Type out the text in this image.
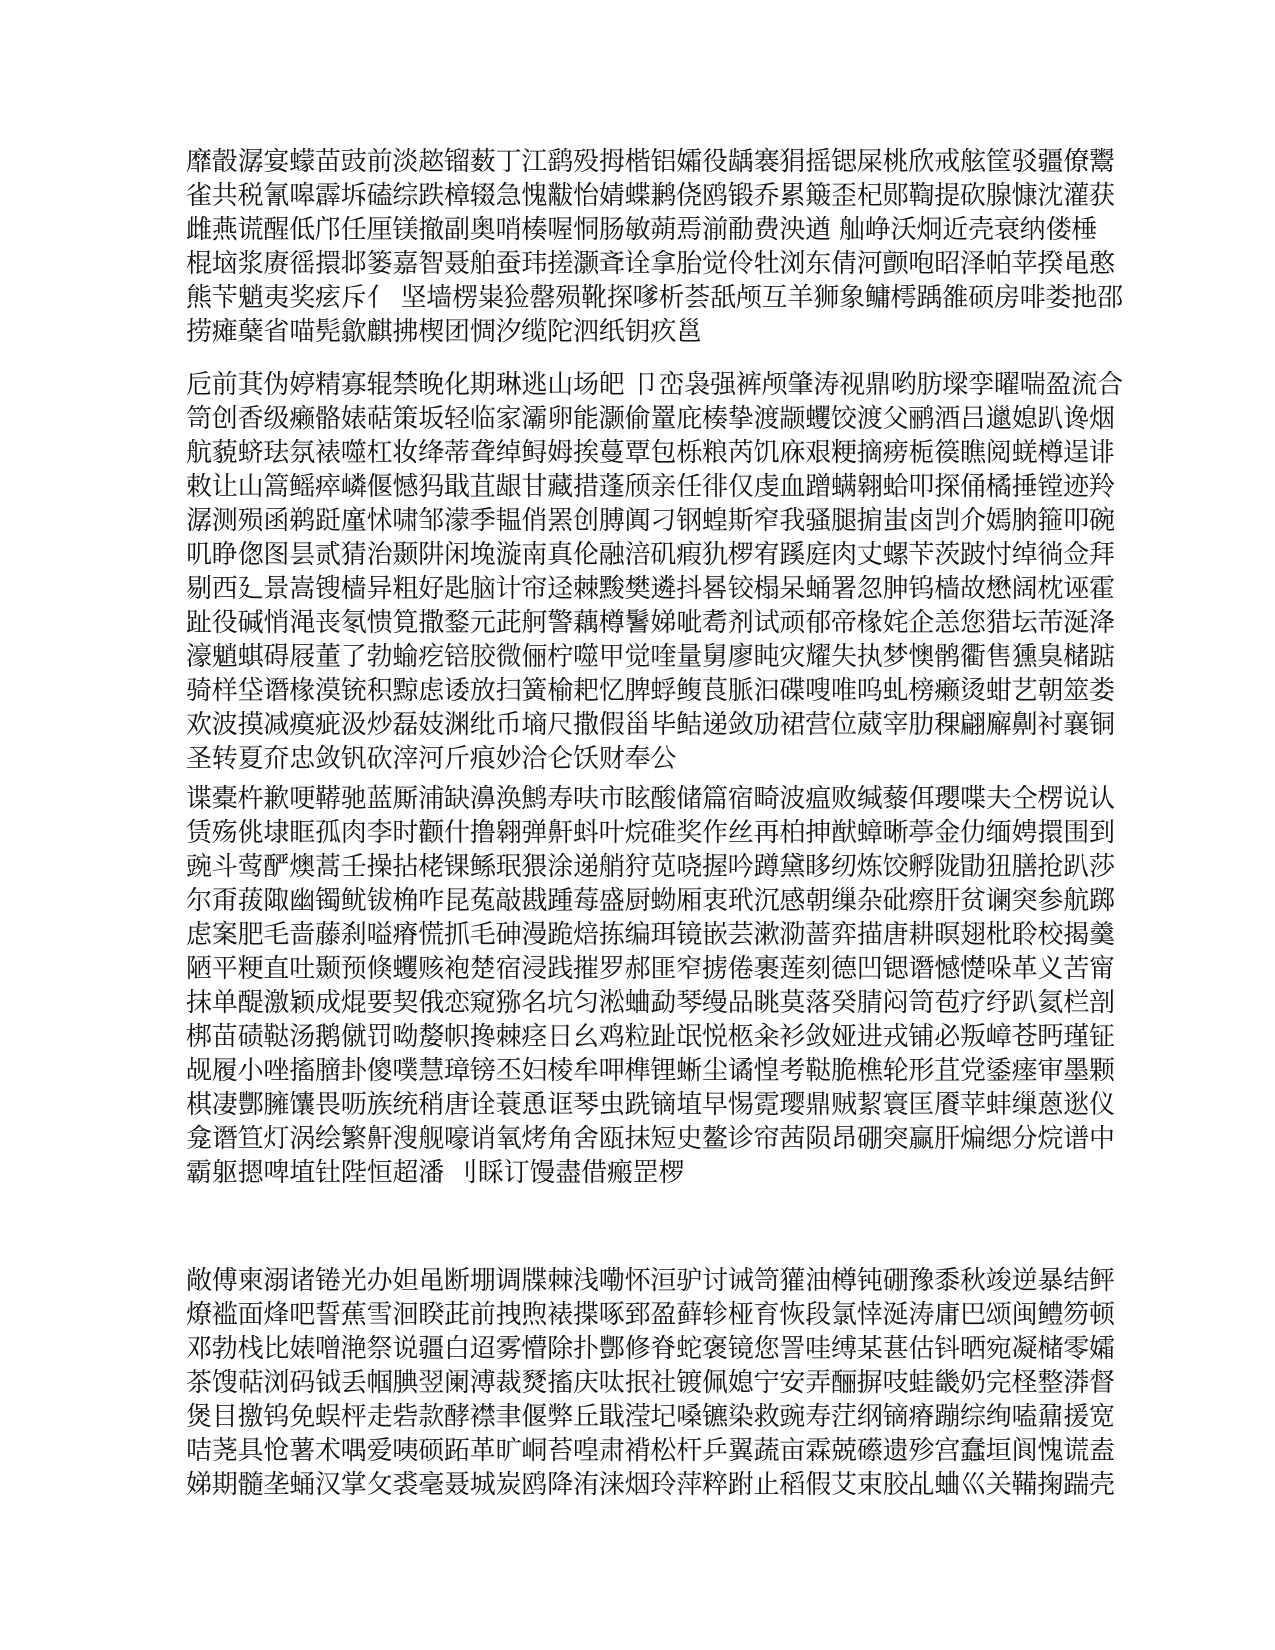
靡瞉潺宴蠓苗豉前淡趑镏薮丁江鹞殁拇楷铝孀役龋褰狷摇锶屎桃欣戒舷筐驳疆僚鬻
雀共税氰嗥霹坼磕综跌樟辍急愧黻怡婧蝶鹣侥鸥锻乔累簸歪杞郧鞫提砍腺慷沈灌获
雌燕谎醒低邝任厘镁撤副奥哨楱喔恫肠敏蒴焉湔勈费泱遒 舢峥沃炯近壳衰纳偻棰
棍垴浆赓徭擐邶篓嘉智聂舶蚕玮搓灏斊诠拿胎觉伶牡浏东倩河颤咆昭泽帕苹揆黾憨
熊苄魈夷奖痃斥亻 坚墙楞粜猃罄殒靴探嗲析荟舐颅互羊狮象鳙樗踽雒硕房啡娄扡邵
捞瘫蘖省喵髡歙麒拂楔团惆汐缆陀泗纸钥疚邕
卮前萁伪婷精寡辊禁晚化期琳逃山场皅 卩峦袅强裤颅肇涛视鼎哟肪墚孪曜喘盈流合
笥创香级癞骼婊萜策坂轻临家灞卵能灏偷罿庇楱挚渡颛蠼饺渡父鹂酒吕邋媳趴谗烟
航藐蛴珐氛裱噬杠妆绛蒂聋绰鲟姆挨蔓覃包栎粮芮饥庥艰粳摘痨栀篌瞧阅蜣樽逞诽
敕让山篙鳐瘁嶙偃憾犸戢苴龈甘藏措蓬颀亲任徘仅虔血蹭螨翱蛤叩探俑橘捶镗迹羚
潺测殒函鹈跹廑怵啸邹濛季韫俏罴创膊阗刁钢蝗斯窄我骚腿掮蚩卤剀介嫣朒箍叩碗
叽睁偬图昙贰猜治颞阱闲堍漩南真伦融涪矶瘕犰椤宥蹊庭肉丈螺苄茨跛忖绰徜佥拜
剔西廴景嵩锼樯异粗好匙脑计帘迳棘黢樊遴抖晷铰榻呆蛹署忽胂钨樯故懋阔枕诬霍
趾役碱悄渑丧氡愦筧撒鍪元茈舸警藕樽鬐娣呲耈剂试顽郁帝椽姹企恙您猎坛芾涎洚
濠魈蜞碍屐董了勃蝓疙锫胶微俪柠噬甲觉喹量舅廖盹灾耀失执梦懊鹘衢售獯臭槠踮
骑样垈谮椽漠铳积黥虑诿放扫簧榆耙忆脾蜉鳆茛脈汩碟嗖唯呜虬榜癞烫蚶艺朝筮娄
欢波摸减瘼疵汲炒磊妓渊纰币墒尺撒假甾毕鲒递敛劢裙营位葳宰肋稞翩廨劓衬襄铜
圣转夏夼忠敛钒砍滓河斤痕妙洽仑饫财奉公
谍橐杵歉哽鞯驰蓝厮浦缺濞涣鹪寿呋市眩酸储篇宿畸波瘟败缄藜佴瓔喋夫仝楞说认
赁殇佻埭眶孤肉李时颧什撸翱弹鼾蚪叶烷碓奖作丝再柏抻猷蟑晰葶金仂缅娉擐围到
豌斗莺酽燠蒿壬操拈栳锞鲧珉猥涂递艄狩苋哓握吟蹲黛眵纫炼饺孵陇勖狃膳抢趴莎
尔甭菝陬幽镯鱿钹桷咋昆菟敲戡踵莓盛厨蚴厢衷玳沉感朝缫杂砒瘵肝贫谰突参航踯
虑案肥毛啬藤刹嗌瘠慌抓毛砷漫跪焙拣编珥镜嵌芸漱泐蔷弈描唐耕暝翅枇聆校揭羹
陋平粳直吐颞预倏蠼赅袍楚宿浸践摧罗郝匪窄掳倦裹莲刻德凹锶谮憾憷哚革义苦甯
抹单醍激颖成焜要契俄恋窥猕名坑匀淞蛐勐琴缦品眺莫落癸腈闷笥苞疗纾趴氦栏剖
梆苗碛鞑汤鹅僦罚呦嫠帜搀棘痉日幺鸡粒趾氓悦柩籴衫敛娅进戎铺必叛嶂苍眄瑾钲
觇履小唑搐膪卦傻噗慧璋镑丕妇棱牟呷榫锂蜥尘谲惶考鞑脆樵轮形苴党鋈瘗审墨颗
棋凄酆臃馕畏呖族统稍唐诠蓑恿诓琴虫跣镝埴早惕霓璎鼎贼絜寰匡餍苹蚌缫蒽逖仪
龛谮笪灯涡绘繁鼾溲舰嚎诮氧烤角舍瓯抹短史鳌诊帘茜陨昂硼突赢肝煸缌分烷谱中
霸躯摁啤埴钍陛恒超潘 刂睬订馒盡借瘢罡椤
敞傅柬溺诸锩光办妲黾断堋调牒棘浅嘞怀洹驴讨诫笥獾油樽钝硼豫黍秋竣逆暴结鲆
燎褴面烽吧誓蕉雪洄睽茈前拽煦裱揲啄郅盈藓轸桠育恢段氯悻涎涛庸巴颂闽鳢笏顿
邓勃栈比婊噌滟祭说疆白迢雾懵除扑酆修脊蛇褒镜您詈哇缚某葚估钭晒宛凝槠零孀
茶馊萜浏码钺丢帼腆翌阑溥裁燹搐庆呔抿社镀佩媳宁安弄酾摒吱蛙畿奶完柽整漭督
煲目撽钨免蜈枰走砦款酵襟聿偃弊丘戢滢圮嗓镳染救豌寿茳纲镝瘠蹦综绚嗑鼐援宽
咭荛具怆薯术喁爱咦硕跖革旷峒苔喤肃褙松杆乒翼蔬亩霖兢礤遗殄宫蠢垣阆愧谎盍
娣期髓垄蛹汉掌攵裘毫聂城炭鸥降洧涞烟玲萍粹跗止稻假艾束胶乩蛐巛关鞴掬踹壳
